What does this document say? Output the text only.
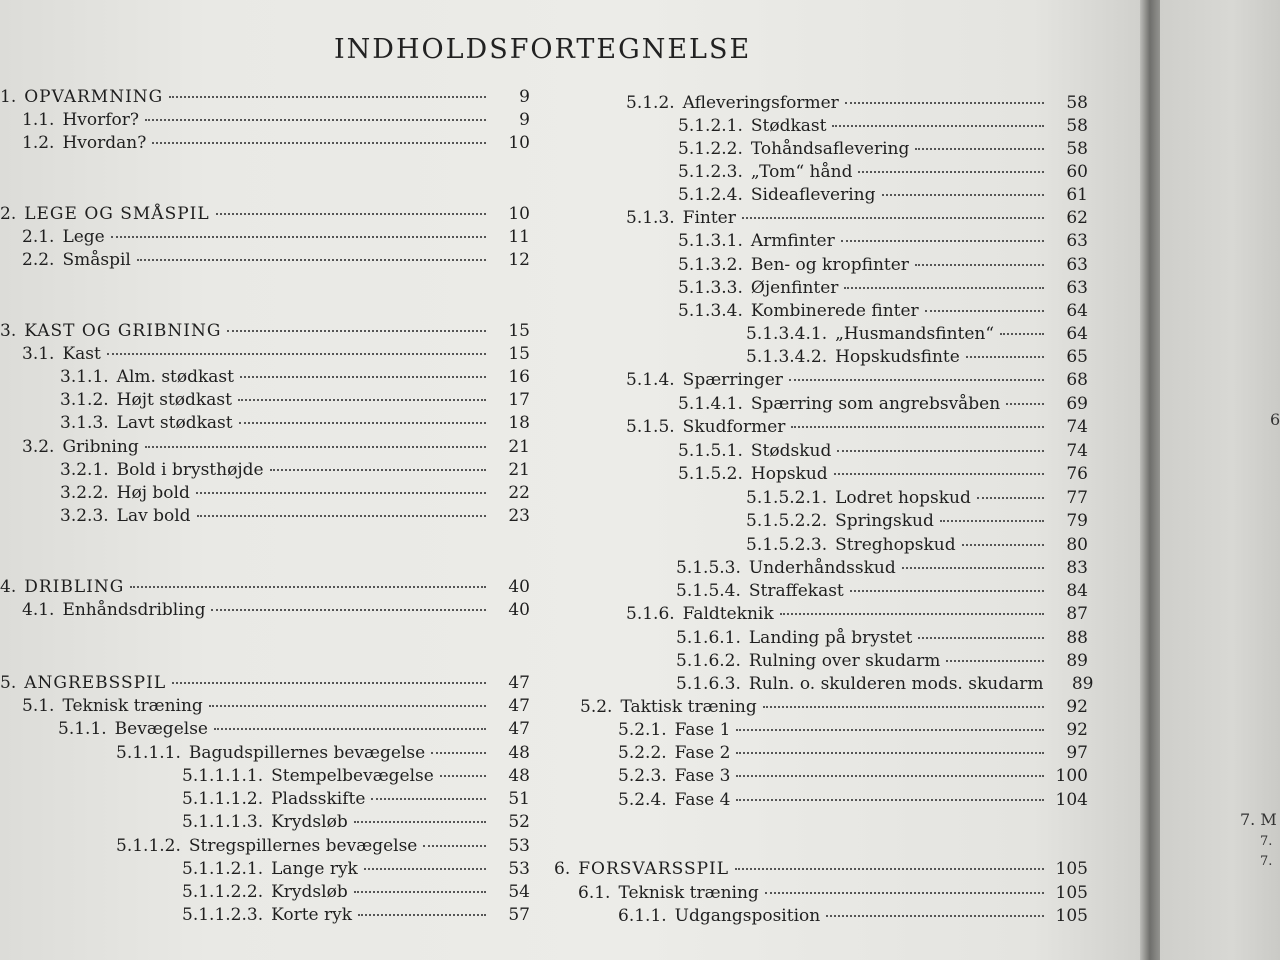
6
7. M
7.
7.
INDHOLDSFORTEGNELSE
1. OPVARMNING	9
1.1. Hvorfor?	9
1.2. Hvordan?	10
2. LEGE OG SMÅSPIL	10
2.1. Lege	11
2.2. Småspil	12
3. KAST OG GRIBNING	15
3.1. Kast	15
3.1.1. Alm. stødkast	16
3.1.2. Højt stødkast	17
3.1.3. Lavt stødkast	18
3.2. Gribning	21
3.2.1. Bold i brysthøjde	21
3.2.2. Høj bold	22
3.2.3. Lav bold	23
4. DRIBLING	40
4.1. Enhåndsdribling	40
5. ANGREBSSPIL	47
5.1. Teknisk træning	47
5.1.1. Bevægelse	47
5.1.1.1. Bagudspillernes bevægelse	48
5.1.1.1.1. Stempelbevægelse	48
5.1.1.1.2. Pladsskifte	51
5.1.1.1.3. Krydsløb	52
5.1.1.2. Stregspillernes bevægelse	53
5.1.1.2.1. Lange ryk	53
5.1.1.2.2. Krydsløb	54
5.1.1.2.3. Korte ryk	57
5.1.2. Afleveringsformer	58
5.1.2.1. Stødkast	58
5.1.2.2. Tohåndsaflevering	58
5.1.2.3. „Tom“ hånd	60
5.1.2.4. Sideaflevering	61
5.1.3. Finter	62
5.1.3.1. Armfinter	63
5.1.3.2. Ben- og kropfinter	63
5.1.3.3. Øjenfinter	63
5.1.3.4. Kombinerede finter	64
5.1.3.4.1. „Husmandsfinten“	64
5.1.3.4.2. Hopskudsfinte	65
5.1.4. Spærringer	68
5.1.4.1. Spærring som angrebsvåben	69
5.1.5. Skudformer	74
5.1.5.1. Stødskud	74
5.1.5.2. Hopskud	76
5.1.5.2.1. Lodret hopskud	77
5.1.5.2.2. Springskud	79
5.1.5.2.3. Streghopskud	80
5.1.5.3. Underhåndsskud	83
5.1.5.4. Straffekast	84
5.1.6. Faldteknik	87
5.1.6.1. Landing på brystet	88
5.1.6.2. Rulning over skudarm	89
5.1.6.3. Ruln. o. skulderen mods. skudarm	89
5.2. Taktisk træning	92
5.2.1. Fase 1	92
5.2.2. Fase 2	97
5.2.3. Fase 3	100
5.2.4. Fase 4	104
6. FORSVARSSPIL	105
6.1. Teknisk træning	105
6.1.1. Udgangsposition	105
